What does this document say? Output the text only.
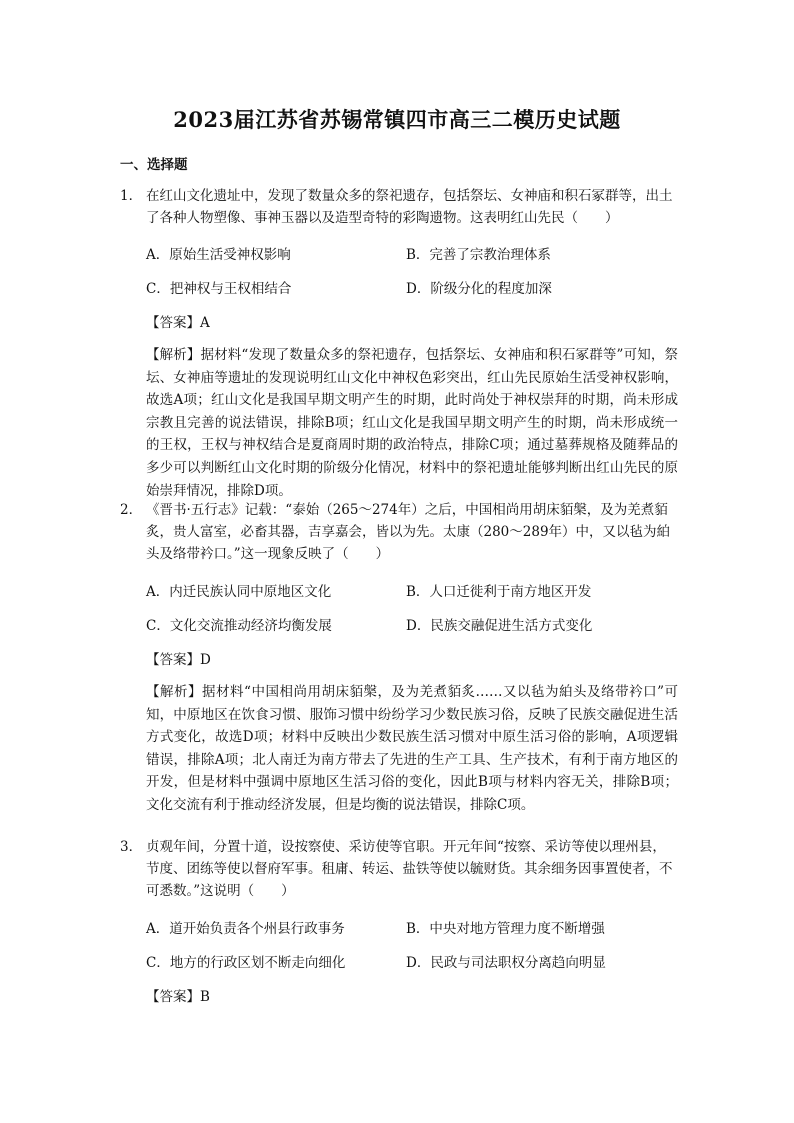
2023届江苏省苏锡常镇四市高三二模历史试题
一、选择题
1． 在红山文化遗址中，发现了数量众多的祭祀遗存，包括祭坛、女神庙和积石冢群等，出土了各种人物塑像、事神玉器以及造型奇特的彩陶遗物。这表明红山先民（　　）
A．原始生活受神权影响	B．完善了宗教治理体系
C．把神权与王权相结合	D．阶级分化的程度加深
【答案】A
【解析】据材料“发现了数量众多的祭祀遗存，包括祭坛、女神庙和积石冢群等”可知，祭坛、女神庙等遗址的发现说明红山文化中神权色彩突出，红山先民原始生活受神权影响，故选A项；红山文化是我国早期文明产生的时期，此时尚处于神权崇拜的时期，尚未形成宗教且完善的说法错误，排除B项；红山文化是我国早期文明产生的时期，尚未形成统一的王权，王权与神权结合是夏商周时期的政治特点，排除C项；通过墓葬规格及随葬品的多少可以判断红山文化时期的阶级分化情况，材料中的祭祀遗址能够判断出红山先民的原始崇拜情况，排除D项。
2． 《晋书·五行志》记载：“泰始（265～274年）之后，中国相尚用胡床貊槃，及为羌煮貊炙，贵人富室，必畜其器，吉享嘉会，皆以为先。太康（280～289年）中，又以毡为絈头及络带衿口。”这一现象反映了（　　）
A．内迁民族认同中原地区文化	B．人口迁徙利于南方地区开发
C．文化交流推动经济均衡发展	D．民族交融促进生活方式变化
【答案】D
【解析】据材料“中国相尚用胡床貊槃，及为羌煮貊炙……又以毡为絈头及络带衿口”可知，中原地区在饮食习惯、服饰习惯中纷纷学习少数民族习俗，反映了民族交融促进生活方式变化，故选D项；材料中反映出少数民族生活习惯对中原生活习俗的影响，A项逻辑错误，排除A项；北人南迁为南方带去了先进的生产工具、生产技术，有利于南方地区的开发，但是材料中强调中原地区生活习俗的变化，因此B项与材料内容无关，排除B项；文化交流有利于推动经济发展，但是均衡的说法错误，排除C项。
3． 贞观年间，分置十道，设按察使、采访使等官职。开元年间“按察、采访等使以理州县，节度、团练等使以督府军事。租庸、转运、盐铁等使以毓财货。其余细务因事置使者，不可悉数。”这说明（　　）
A．道开始负责各个州县行政事务	B．中央对地方管理力度不断增强
C．地方的行政区划不断走向细化	D．民政与司法职权分离趋向明显
【答案】B
